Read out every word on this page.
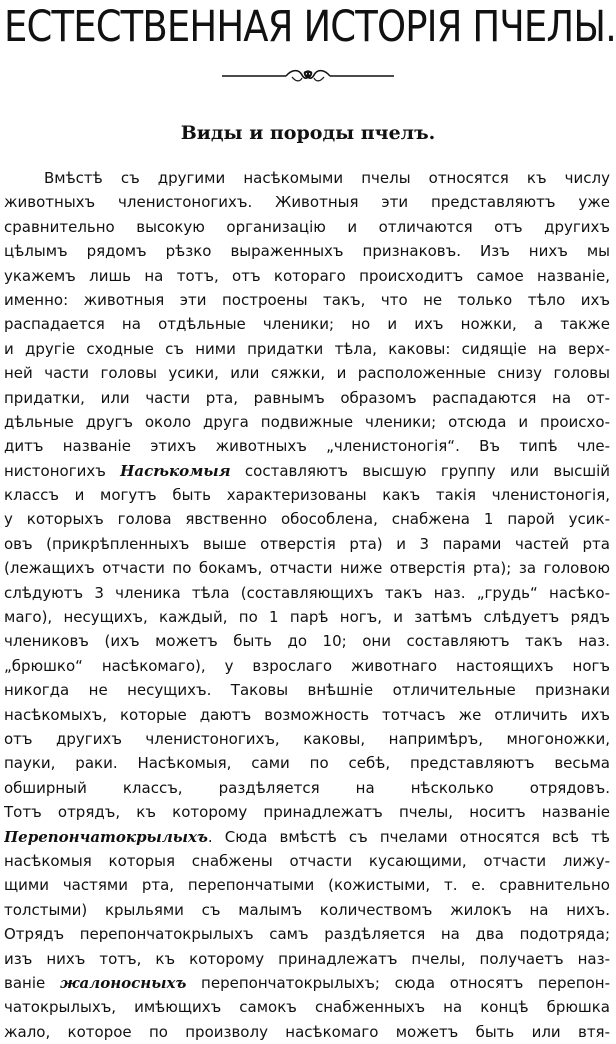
ЕСТЕСТВЕННАЯ ИСТОРІЯ ПЧЕЛЫ.
Виды и породы пчелъ.
Вмѣстѣ съ другими насѣкомыми пчелы относятся къ числу
животныхъ членистоногихъ. Животныя эти представляютъ уже
сравнительно высокую организацію и отличаются отъ другихъ
цѣлымъ рядомъ рѣзко выраженныхъ признаковъ. Изъ нихъ мы
укажемъ лишь на тотъ, отъ котораго происходитъ самое названіе,
именно: животныя эти построены такъ, что не только тѣло ихъ
распадается на отдѣльные членики; но и ихъ ножки, а также
и другіе сходные съ ними придатки тѣла, каковы: сидящіе на верх-
ней части головы усики, или сяжки, и расположенные снизу головы
придатки, или части рта, равнымъ образомъ распадаются на от-
дѣльные другъ около друга подвижные членики; отсюда и происхо-
дитъ названіе этихъ животныхъ „членистоногія“. Въ типѣ чле-
нистоногихъ Насѣкомыя составляютъ высшую группу или высшій
классъ и могутъ быть характеризованы какъ такія членистоногія,
у которыхъ голова явственно обособлена, снабжена 1 парой усик-
овъ (прикрѣпленныхъ выше отверстія рта) и 3 парами частей рта
(лежащихъ отчасти по бокамъ, отчасти ниже отверстія рта); за головою
слѣдуютъ 3 членика тѣла (составляющихъ такъ наз. „грудь“ насѣко-
маго), несущихъ, каждый, по 1 парѣ ногъ, и затѣмъ слѣдуетъ рядъ
члениковъ (ихъ можетъ быть до 10; они составляютъ такъ наз.
„брюшко“ насѣкомаго), у взрослаго животнаго настоящихъ ногъ
никогда не несущихъ. Таковы внѣшніе отличительные признаки
насѣкомыхъ, которые даютъ возможность тотчасъ же отличить ихъ
отъ другихъ членистоногихъ, каковы, напримѣръ, многоножки,
пауки, раки. Насѣкомыя, сами по себѣ, представляютъ весьма
обширный классъ, раздѣляется на нѣсколько отрядовъ.
Тотъ отрядъ, къ которому принадлежатъ пчелы, носитъ названіе
Перепончатокрылыхъ. Сюда вмѣстѣ съ пчелами относятся всѣ тѣ
насѣкомыя которыя снабжены отчасти кусающими, отчасти лижу-
щими частями рта, перепончатыми (кожистыми, т. е. сравнительно
толстыми) крыльями съ малымъ количествомъ жилокъ на нихъ.
Отрядъ перепончатокрылыхъ самъ раздѣляется на два подотряда;
изъ нихъ тотъ, къ которому принадлежатъ пчелы, получаетъ наз-
ваніе жалоносныхъ перепончатокрылыхъ; сюда относятъ перепон-
чатокрылыхъ, имѣющихъ самокъ снабженныхъ на концѣ брюшка
жало, которое по произволу насѣкомаго можетъ быть или втя-
